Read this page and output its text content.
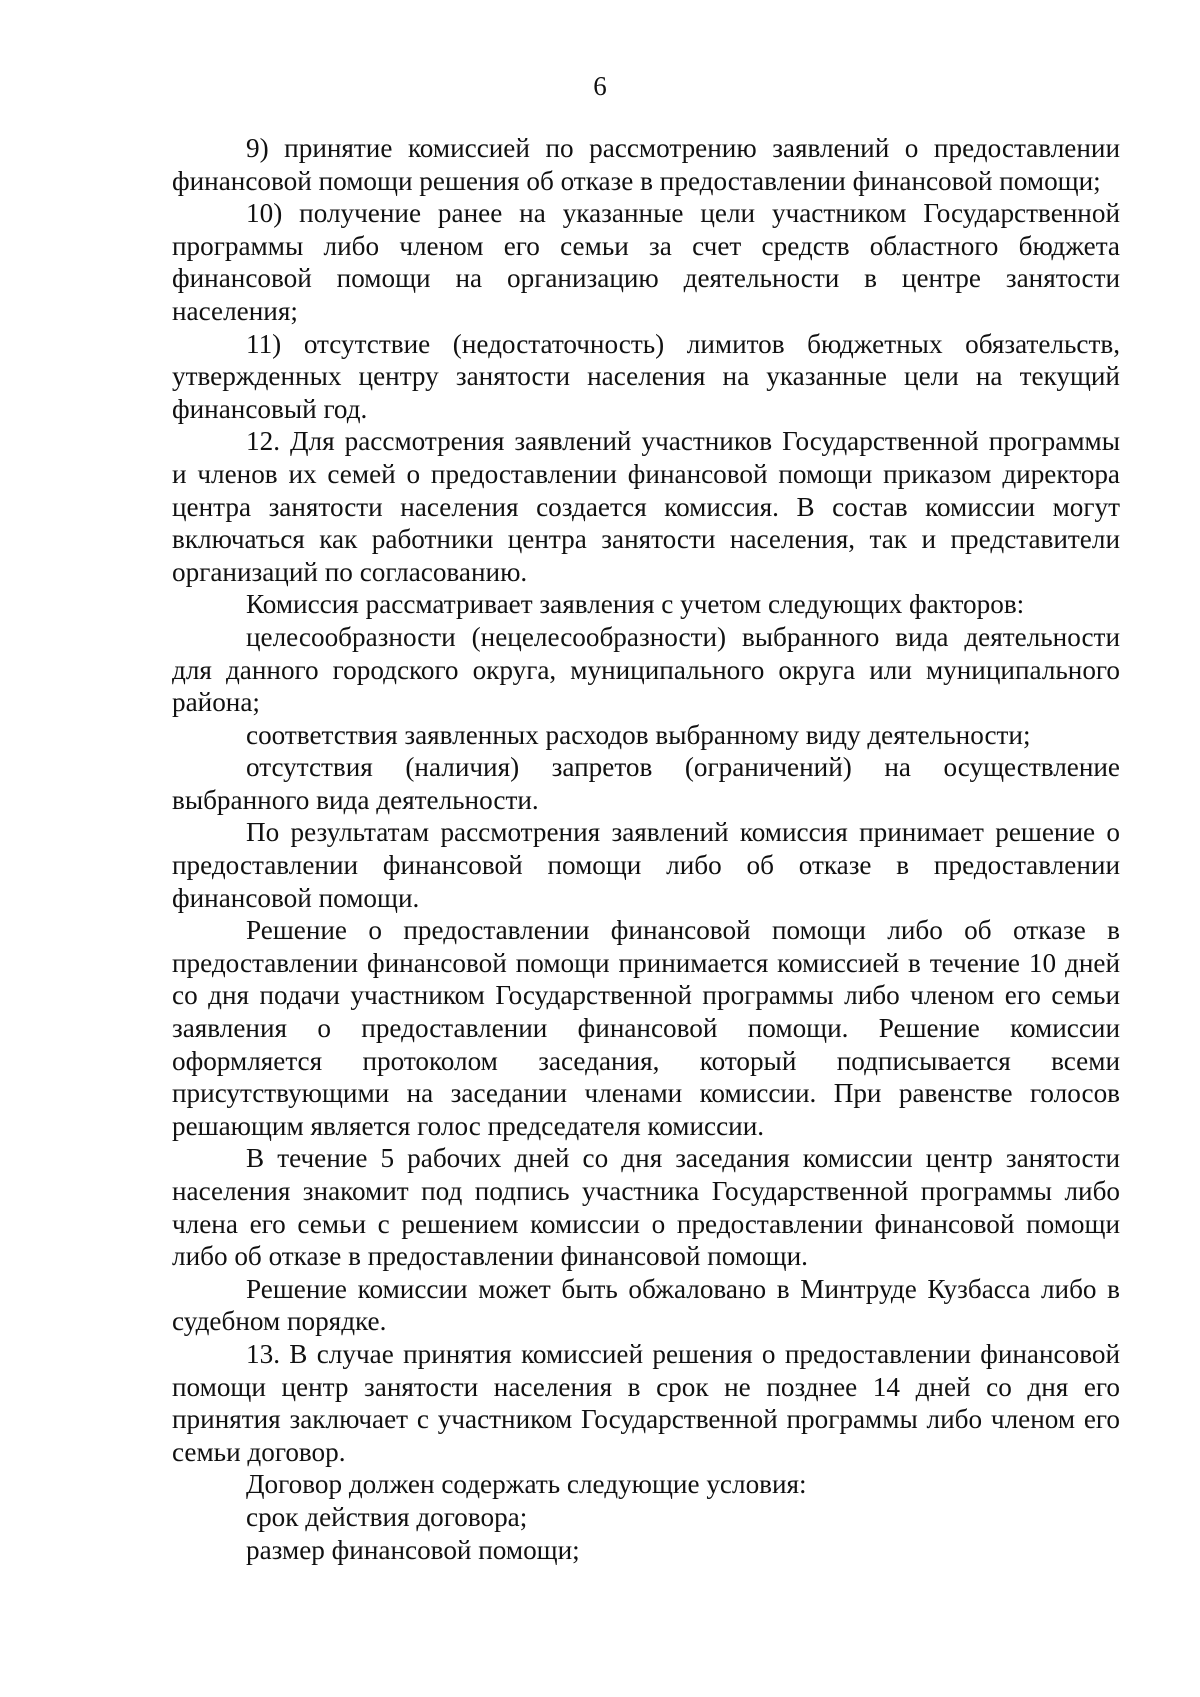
6

9) принятие комиссией по рассмотрению заявлений о предоставлении финансовой помощи решения об отказе в предоставлении финансовой помощи;

10) получение ранее на указанные цели участником Государственной программы либо членом его семьи за счет средств областного бюджета финансовой помощи на организацию деятельности в центре занятости населения;

11) отсутствие (недостаточность) лимитов бюджетных обязательств, утвержденных центру занятости населения на указанные цели на текущий финансовый год.

12. Для рассмотрения заявлений участников Государственной программы и членов их семей о предоставлении финансовой помощи приказом директора центра занятости населения создается комиссия. В состав комиссии могут включаться как работники центра занятости населения, так и представители организаций по согласованию.

Комиссия рассматривает заявления с учетом следующих факторов:

целесообразности (нецелесообразности) выбранного вида деятельности для данного городского округа, муниципального округа или муниципального района;

соответствия заявленных расходов выбранному виду деятельности;

отсутствия (наличия) запретов (ограничений) на осуществление выбранного вида деятельности.

По результатам рассмотрения заявлений комиссия принимает решение о предоставлении финансовой помощи либо об отказе в предоставлении финансовой помощи.

Решение о предоставлении финансовой помощи либо об отказе в предоставлении финансовой помощи принимается комиссией в течение 10 дней со дня подачи участником Государственной программы либо членом его семьи заявления о предоставлении финансовой помощи. Решение комиссии оформляется протоколом заседания, который подписывается всеми присутствующими на заседании членами комиссии. При равенстве голосов решающим является голос председателя комиссии.

В течение 5 рабочих дней со дня заседания комиссии центр занятости населения знакомит под подпись участника Государственной программы либо члена его семьи с решением комиссии о предоставлении финансовой помощи либо об отказе в предоставлении финансовой помощи.

Решение комиссии может быть обжаловано в Минтруде Кузбасса либо в судебном порядке.

13. В случае принятия комиссией решения о предоставлении финансовой помощи центр занятости населения в срок не позднее 14 дней со дня его принятия заключает с участником Государственной программы либо членом его семьи договор.

Договор должен содержать следующие условия:

срок действия договора;

размер финансовой помощи;
